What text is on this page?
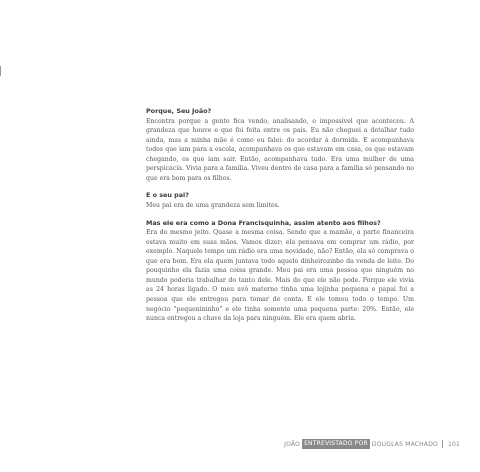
Porque, Seu João?

Encontra porque a gente fica vendo, analisando, o impossível que aconteceu. A grandeza que houve e que foi feita entre os pais. Eu não cheguei a detalhar tudo ainda, mas a minha mãe é como eu falei: do acordar à dormida. E acompanhava todos que iam para a escola, acompanhava os que estavam em casa, os que estavam chegando, os que iam sair. Então, acompanhava tudo. Era uma mulher de uma perspicácia. Vivia para a família. Viveu dentro de casa para a família só pensando no que era bom para os filhos.

E o seu pai?

Meu pai era de uma grandeza sem limites.

Mas ele era como a Dona Francisquinha, assim atento aos filhos?

Era do mesmo jeito. Quase a mesma coisa. Sendo que a mamãe, a parte financeira estava muito em suas mãos. Vamos dizer: ela pensava em comprar um rádio, por exemplo. Naquele tempo um rádio era uma novidade, não? Então, ela só comprava o que era bom. Era ela quem juntava todo aquele dinheirozinho da venda de leite. Do pouquinho ela fazia uma coisa grande. Meu pai era uma pessoa que ninguém no mundo poderia trabalhar do tanto dele. Mais do que ele não pode. Porque ele vivia as 24 horas ligado. O meu avô materno tinha uma lojinha pequena e papai foi a pessoa que ele entregou para tomar de conta. E ele tomou todo o tempo. Um negócio "pequenininho" e ele tinha somente uma pequena parte: 20%. Então, ele nunca entregou a chave da loja para ninguém. Ele era quem abria.

JOÃO ENTREVISTADO POR DOUGLAS MACHADO 101
